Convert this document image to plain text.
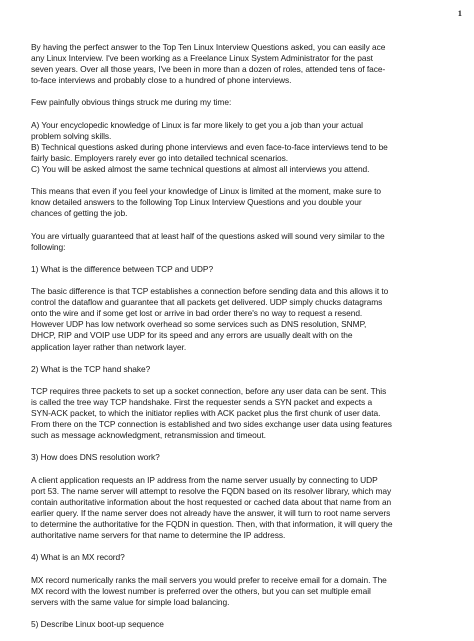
1
By having the perfect answer to the Top Ten Linux Interview Questions asked, you can easily ace
any Linux Interview. I've been working as a Freelance Linux System Administrator for the past
seven years. Over all those years, I've been in more than a dozen of roles, attended tens of face-
to-face interviews and probably close to a hundred of phone interviews.
Few painfully obvious things struck me during my time:
A) Your encyclopedic knowledge of Linux is far more likely to get you a job than your actual
problem solving skills.
B) Technical questions asked during phone interviews and even face-to-face interviews tend to be
fairly basic. Employers rarely ever go into detailed technical scenarios.
C) You will be asked almost the same technical questions at almost all interviews you attend.
This means that even if you feel your knowledge of Linux is limited at the moment, make sure to
know detailed answers to the following Top Linux Interview Questions and you double your
chances of getting the job.
You are virtually guaranteed that at least half of the questions asked will sound very similar to the
following:
1) What is the difference between TCP and UDP?
The basic difference is that TCP establishes a connection before sending data and this allows it to
control the dataflow and guarantee that all packets get delivered. UDP simply chucks datagrams
onto the wire and if some get lost or arrive in bad order there's no way to request a resend.
However UDP has low network overhead so some services such as DNS resolution, SNMP,
DHCP, RIP and VOIP use UDP for its speed and any errors are usually dealt with on the
application layer rather than network layer.
2) What is the TCP hand shake?
TCP requires three packets to set up a socket connection, before any user data can be sent. This
is called the tree way TCP handshake. First the requester sends a SYN packet and expects a
SYN-ACK packet, to which the initiator replies with ACK packet plus the first chunk of user data.
From there on the TCP connection is established and two sides exchange user data using features
such as message acknowledgment, retransmission and timeout.
3) How does DNS resolution work?
A client application requests an IP address from the name server usually by connecting to UDP
port 53. The name server will attempt to resolve the FQDN based on its resolver library, which may
contain authoritative information about the host requested or cached data about that name from an
earlier query. If the name server does not already have the answer, it will turn to root name servers
to determine the authoritative for the FQDN in question. Then, with that information, it will query the
authoritative name servers for that name to determine the IP address.
4) What is an MX record?
MX record numerically ranks the mail servers you would prefer to receive email for a domain. The
MX record with the lowest number is preferred over the others, but you can set multiple email
servers with the same value for simple load balancing.
5) Describe Linux boot-up sequence
